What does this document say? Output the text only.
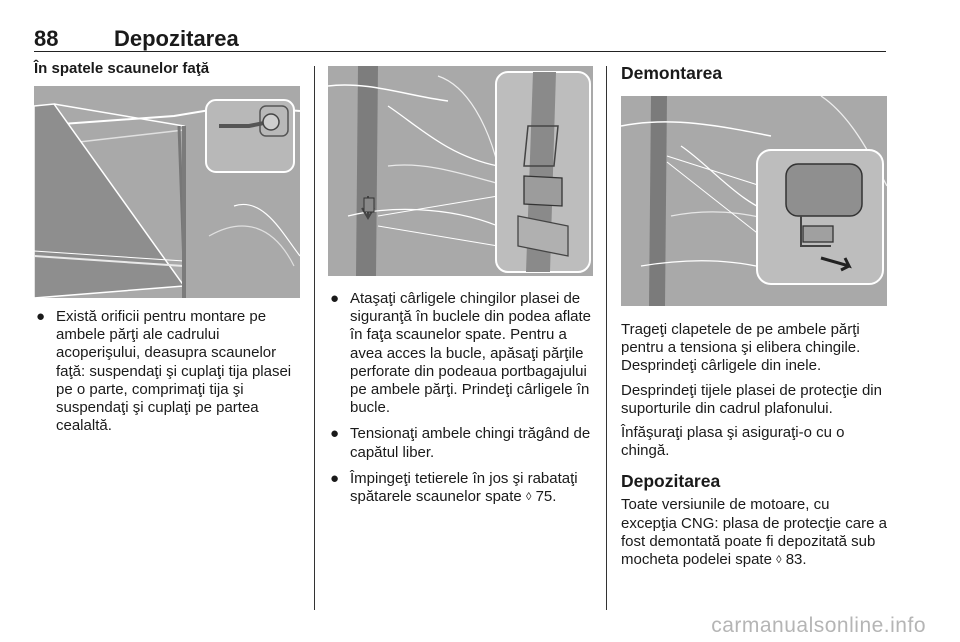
88	Depozitarea
În spatele scaunelor faţă
● Există orificii pentru montare pe ambele părţi ale cadrului acoperişului, deasupra scaunelor faţă: suspendaţi şi cuplaţi tija plasei pe o parte, comprimaţi tija şi suspendaţi şi cuplaţi pe partea cealaltă.
● Ataşaţi cârligele chingilor plasei de siguranţă în buclele din podea aflate în faţa scaunelor spate. Pentru a avea acces la bucle, apăsaţi părţile perforate din podeaua portbagajului pe ambele părţi. Prindeţi cârligele în bucle.
● Tensionaţi ambele chingi trăgând de capătul liber.
● Împingeţi tetierele în jos şi rabataţi spătarele scaunelor spate ◊ 75.
Demontarea
Trageţi clapetele de pe ambele părţi pentru a tensiona şi elibera chingile. Desprindeţi cârligele din inele.
Desprindeţi tijele plasei de protecţie din suporturile din cadrul plafonului.
Înfăşuraţi plasa şi asiguraţi-o cu o chingă.
Depozitarea
Toate versiunile de motoare, cu excepţia CNG: plasa de protecţie care a fost demontată poate fi depozitată sub mocheta podelei spate ◊ 83.
carmanualsonline.info
